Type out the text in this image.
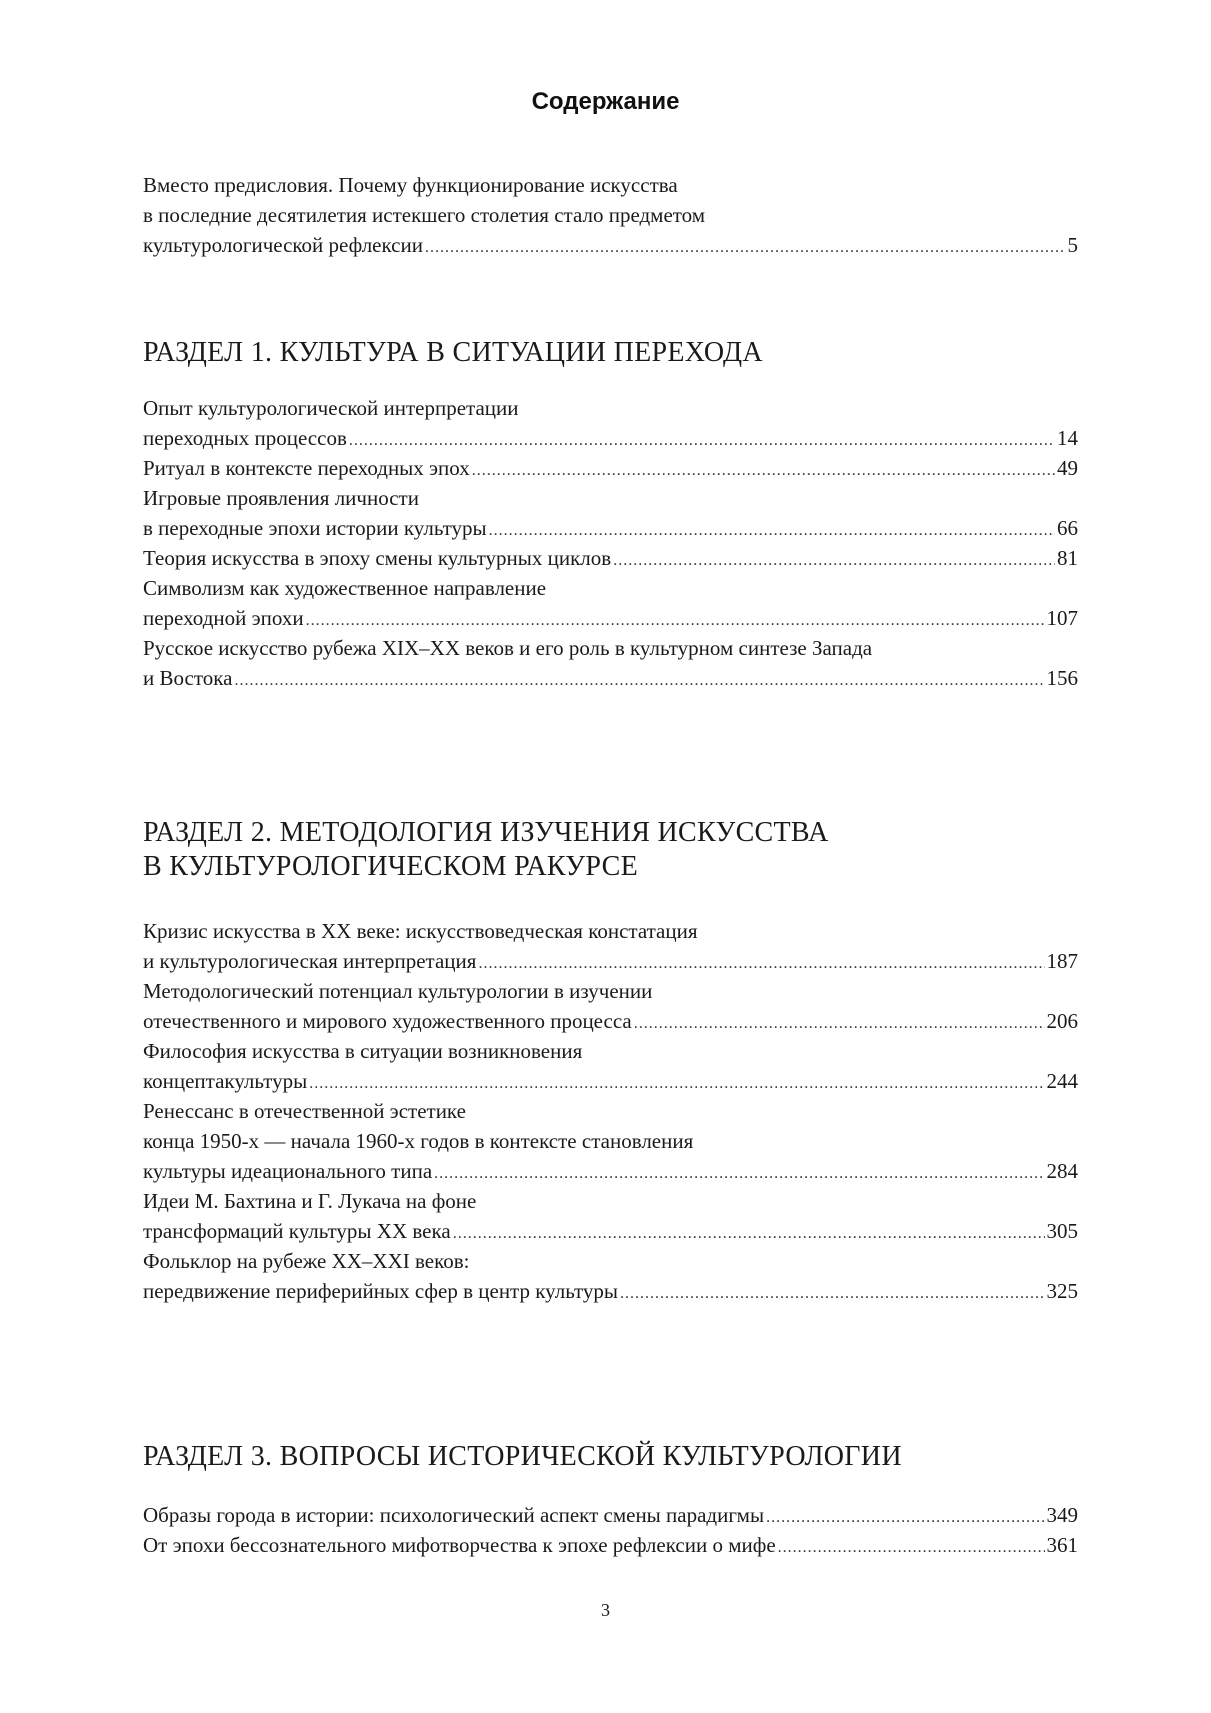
Содержание
Вместо предисловия. Почему функционирование искусства
в последние десятилетия истекшего столетия стало предметом
культурологической рефлексии .....	5
РАЗДЕЛ 1. КУЛЬТУРА В СИТУАЦИИ ПЕРЕХОДА
Опыт культурологической интерпретации
переходных процессов .....	14
Ритуал в контексте переходных эпох .....	49
Игровые проявления личности
в переходные эпохи истории культуры .....	66
Теория искусства в эпоху смены культурных циклов .....	81
Символизм как художественное направление
переходной эпохи .....	107
Русское искусство рубежа XIX–XX веков и его роль в культурном синтезе Запада
и Востока .....	156
РАЗДЕЛ 2. МЕТОДОЛОГИЯ ИЗУЧЕНИЯ ИСКУССТВА
В КУЛЬТУРОЛОГИЧЕСКОМ РАКУРСЕ
Кризис искусства в XX веке: искусствоведческая констатация
и культурологическая интерпретация .....	187
Методологический потенциал культурологии в изучении
отечественного и мирового художественного процесса .....	206
Философия искусства в ситуации возникновения
концептакультуры .....	244
Ренессанс в отечественной эстетике
конца 1950-х — начала 1960-х годов в контексте становления
культуры идеационального типа .....	284
Идеи М. Бахтина и Г. Лукача на фоне
трансформаций культуры XX века .....	305
Фольклор на рубеже XX–XXI веков:
передвижение периферийных сфер в центр культуры .....	325
РАЗДЕЛ 3. ВОПРОСЫ ИСТОРИЧЕСКОЙ КУЛЬТУРОЛОГИИ
Образы города в истории: психологический аспект смены парадигмы .....	349
От эпохи бессознательного мифотворчества к эпохе рефлексии о мифе .....	361
3
